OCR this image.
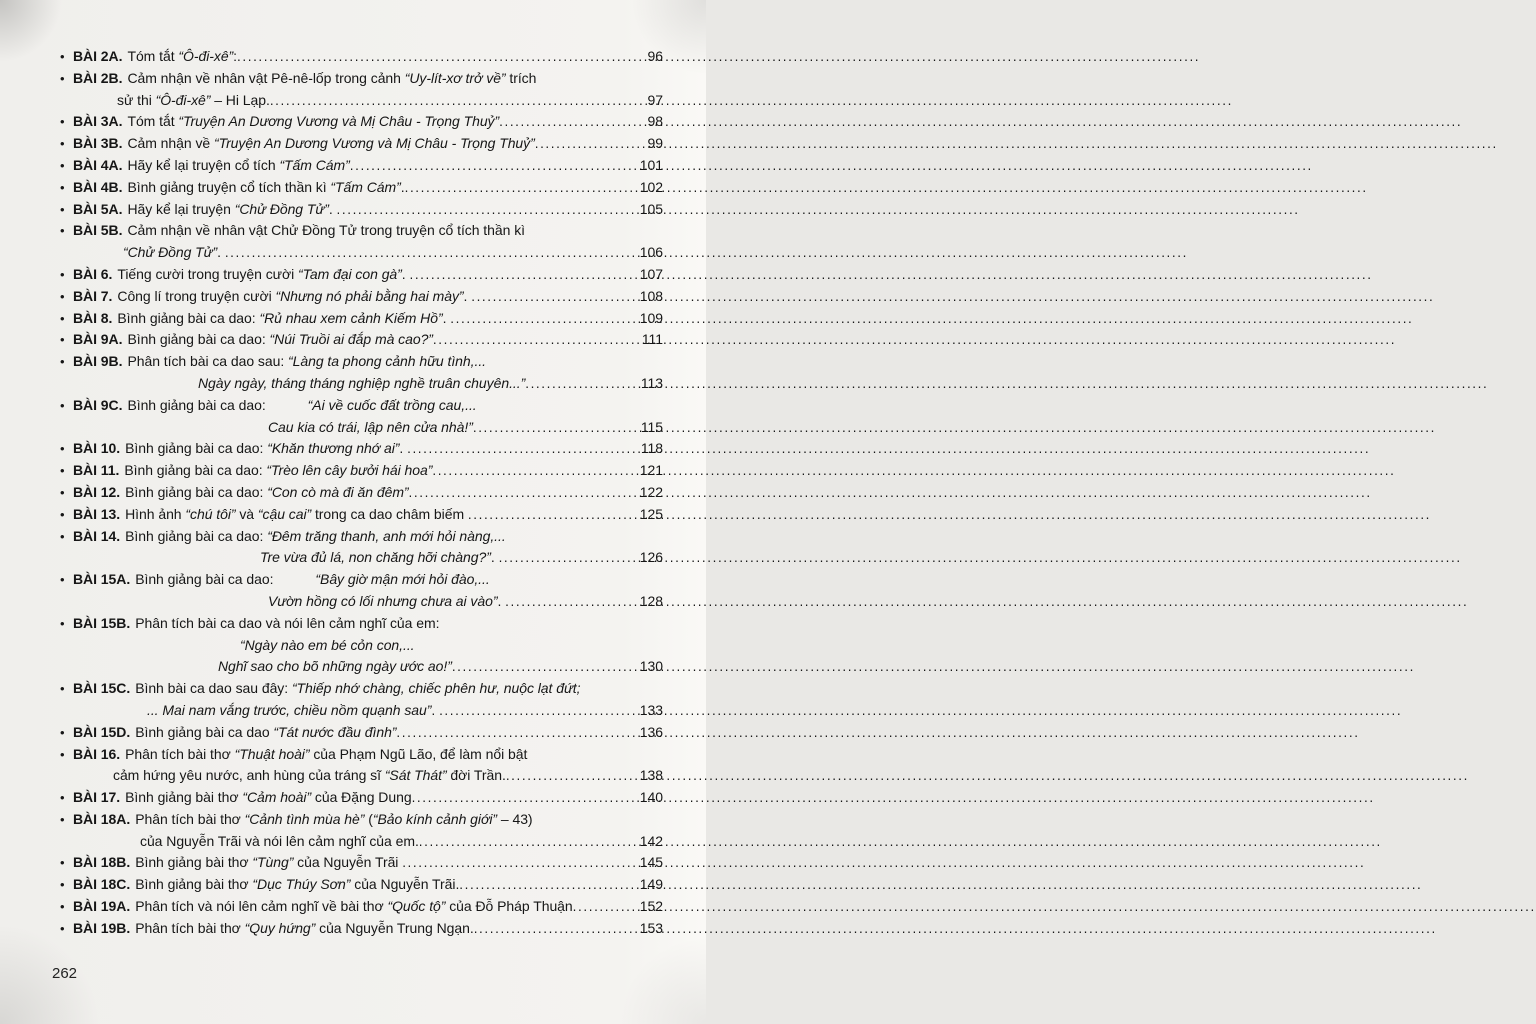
• BÀI 2A. Tóm tắt “Ô-đi-xê” : .....	96
• BÀI 2B. Cảm nhận về nhân vật Pê-nê-lốp trong cảnh “Uy-lít-xơ trở về” trích
sử thi “Ô-đi-xê” – Hi Lạp. .....	97
• BÀI 3A. Tóm tắt “Truyện An Dương Vương và Mị Châu - Trọng Thuỷ” .....	98
• BÀI 3B. Cảm nhận về “Truyện An Dương Vương và Mị Châu - Trọng Thuỷ” .....	99
• BÀI 4A. Hãy kể lại truyện cổ tích “Tấm Cám” .....	101
• BÀI 4B. Bình giảng truyện cổ tích thần kì “Tấm Cám” . .....	102
• BÀI 5A. Hãy kể lại truyện “Chử Đồng Tử” . .....	105
• BÀI 5B. Cảm nhận về nhân vật Chử Đồng Tử trong truyện cổ tích thần kì
“Chử Đồng Tử” . .....	106
• BÀI 6. Tiếng cười trong truyện cười “Tam đại con gà” . .....	107
• BÀI 7. Công lí trong truyện cười “Nhưng nó phải bằng hai mày” . .....	108
• BÀI 8. Bình giảng bài ca dao: “Rủ nhau xem cảnh Kiếm Hồ” . .....	109
• BÀI 9A. Bình giảng bài ca dao: “Núi Truồi ai đắp mà cao?” .....	111
• BÀI 9B. Phân tích bài ca dao sau: “Làng ta phong cảnh hữu tình,...
Ngày ngày, tháng tháng nghiệp nghề truân chuyên...” .....	113
• BÀI 9C. Bình giảng bài ca dao:	“Ai về cuốc đất trồng cau,...
Cau kia có trái, lập nên cửa nhà!” .....	115
• BÀI 10. Bình giảng bài ca dao: “Khăn thương nhớ ai” . .....	118
• BÀI 11. Bình giảng bài ca dao: “Trèo lên cây bưởi hái hoa” .....	121
• BÀI 12. Bình giảng bài ca dao: “Con cò mà đi ăn đêm” .....	122
• BÀI 13. Hình ảnh “chú tôi” và “cậu cai” trong ca dao châm biếm .....	125
• BÀI 14. Bình giảng bài ca dao: “Đêm trăng thanh, anh mới hỏi nàng,...
Tre vừa đủ lá, non chăng hỡi chàng?” . .....	126
• BÀI 15A. Bình giảng bài ca dao:	“Bây giờ mận mới hỏi đào,...
Vườn hồng có lối nhưng chưa ai vào” . .....	128
• BÀI 15B. Phân tích bài ca dao và nói lên cảm nghĩ của em:
“Ngày nào em bé cỏn con,...
Nghĩ sao cho bõ những ngày ước ao!” .....	130
• BÀI 15C. Bình bài ca dao sau đây: “Thiếp nhớ chàng, chiếc phên hư, nuộc lạt đứt;
... Mai nam vắng trước, chiều nồm quạnh sau” . .....	133
• BÀI 15D. Bình giảng bài ca dao “Tát nước đầu đình” .....	136
• BÀI 16. Phân tích bài thơ “Thuật hoài” của Phạm Ngũ Lão, để làm nổi bật
cảm hứng yêu nước, anh hùng của tráng sĩ “Sát Thát” đời Trần. .....	138
• BÀI 17. Bình giảng bài thơ “Cảm hoài” của Đặng Dung .....	140
• BÀI 18A. Phân tích bài thơ “Cảnh tình mùa hè” ( “Bảo kính cảnh giới” – 43)
của Nguyễn Trãi và nói lên cảm nghĩ của em. .....	142
• BÀI 18B. Bình giảng bài thơ “Tùng” của Nguyễn Trãi .....	145
• BÀI 18C. Bình giảng bài thơ “Dục Thúy Sơn” của Nguyễn Trãi. .....	149
• BÀI 19A. Phân tích và nói lên cảm nghĩ về bài thơ “Quốc tộ” của Đỗ Pháp Thuận .....	152
• BÀI 19B. Phân tích bài thơ “Quy hứng” của Nguyễn Trung Ngạn. .....	153
262
